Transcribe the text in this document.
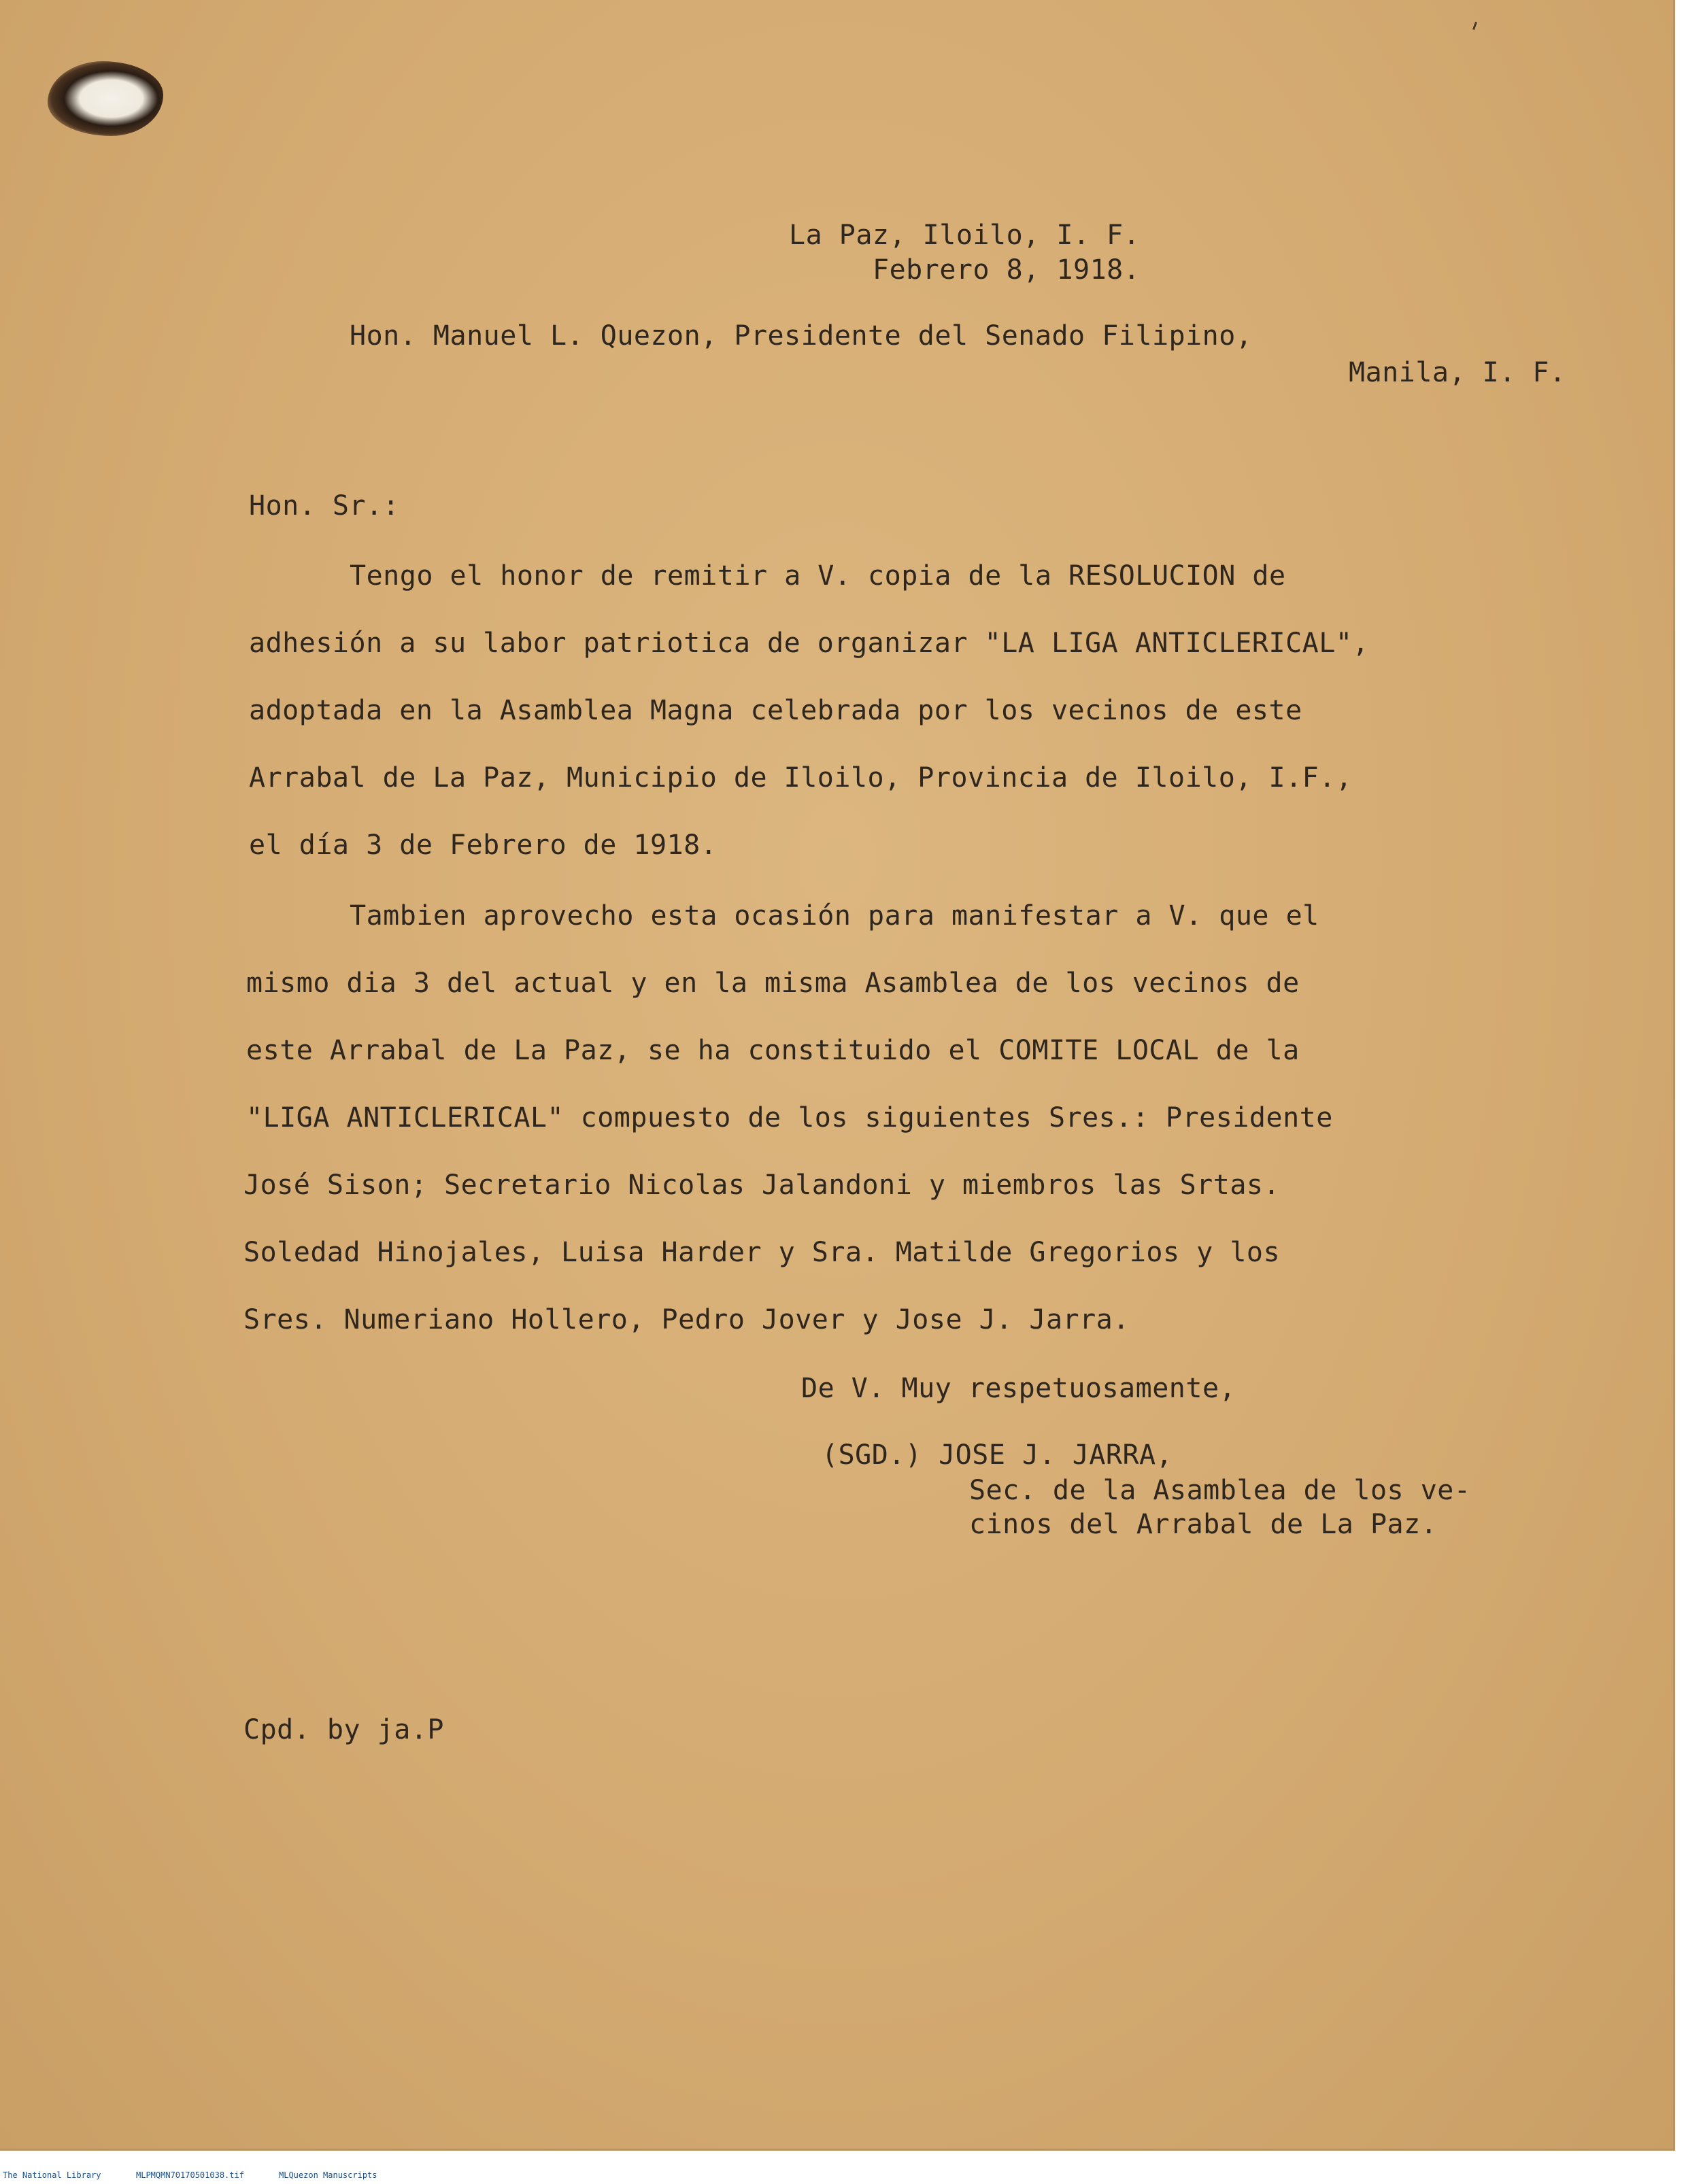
La Paz, Iloilo, I. F.

Febrero 8, 1918.

Hon. Manuel L. Quezon, Presidente del Senado Filipino,

Manila, I. F.

Hon. Sr.:

Tengo el honor de remitir a V. copia de la RESOLUCION de

adhesión a su labor patriotica de organizar "LA LIGA ANTICLERICAL",

adoptada en la Asamblea Magna celebrada por los vecinos de este

Arrabal de La Paz, Municipio de Iloilo, Provincia de Iloilo, I.F.,

el día 3 de Febrero de 1918.

Tambien aprovecho esta ocasión para manifestar a V. que el

mismo dia 3 del actual y en la misma Asamblea de los vecinos de

este Arrabal de La Paz, se ha constituido el COMITE LOCAL de la

"LIGA ANTICLERICAL" compuesto de los siguientes Sres.: Presidente

José Sison; Secretario Nicolas Jalandoni y miembros las Srtas.

Soledad Hinojales, Luisa Harder y Sra. Matilde Gregorios y los

Sres. Numeriano Hollero, Pedro Jover y Jose J. Jarra.

De V. Muy respetuosamente,

(SGD.) JOSE J. JARRA,

Sec. de la Asamblea de los ve-

cinos del Arrabal de La Paz.

Cpd. by ja.P

The National Library	MLPMQMN70170501038.tif	MLQuezon Manuscripts
